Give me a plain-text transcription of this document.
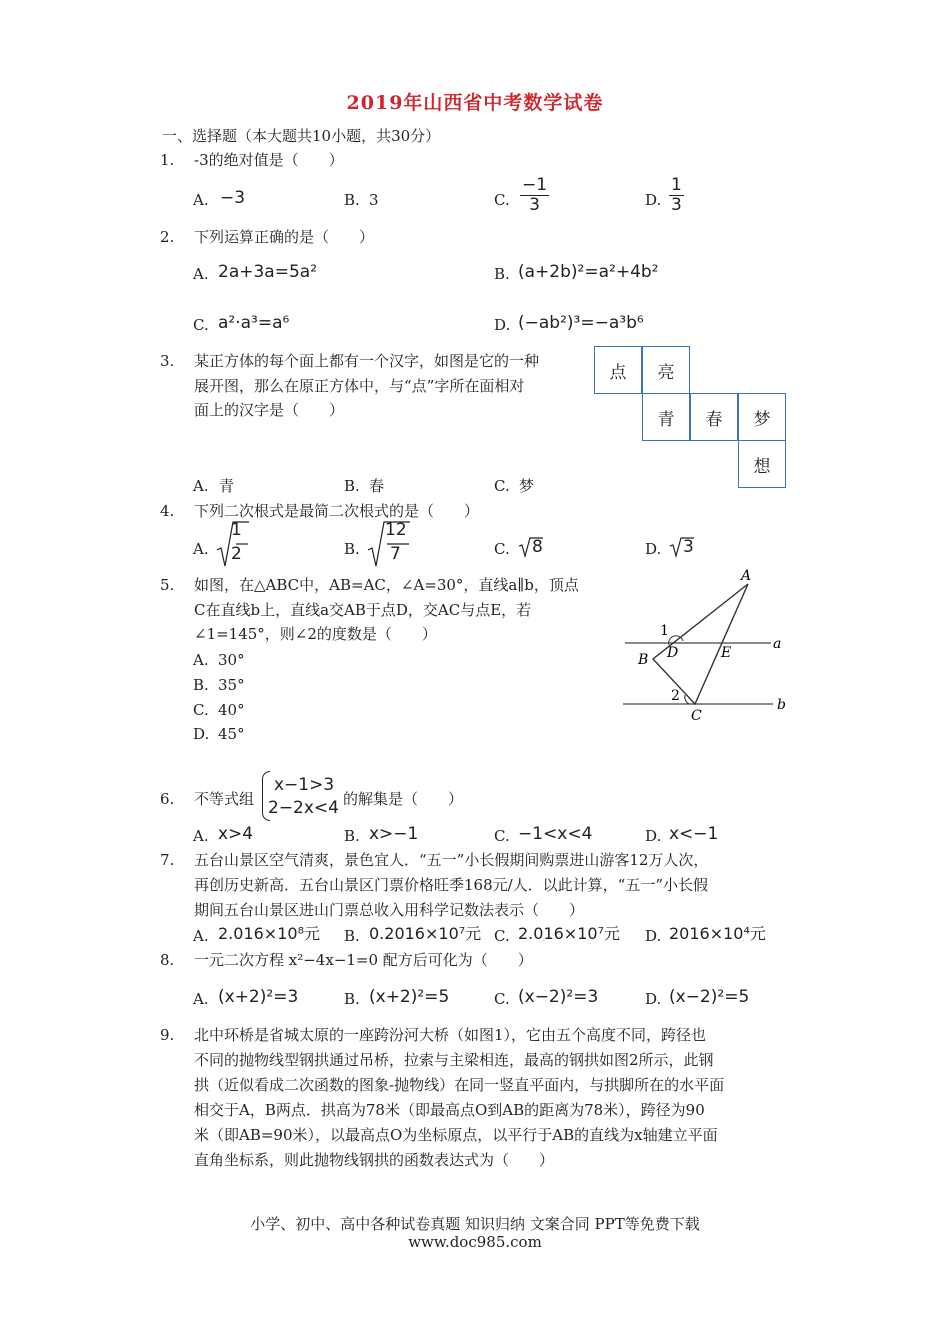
2019年山西省中考数学试卷
一、选择题（本大题共10小题，共30分）
1. -3的绝对值是（　　）
A. −3	B. 3	C. $\frac{-1}{3}$	D. $\frac{1}{3}$
2. 下列运算正确的是（　　）
A. 2a+3a=5a²	B. (a+2b)²=a²+4b²
C. a²·a³=a⁶	D. (−ab²)³=−a³b⁶
3. 某正方体的每个面上都有一个汉字，如图是它的一种
展开图，那么在原正方体中，与“点”字所在面相对
面上的汉字是（　　）
点	亮
青	春	梦
想
A. 青	B. 春	C. 梦
4. 下列二次根式是最简二次根式的是（　　）
A.
1
2	B.
12
7	C. 8	D. 3
5. 如图，在△ABC中，AB=AC，∠A=30°，直线a∥b，顶点
C在直线b上，直线a交AB于点D，交AC与点E，若
∠1=145°，则∠2的度数是（　　）
A. 30°
B. 35°
C. 40°
D. 45°
A
B
C
D	E
a
b
1
2
6. 不等式组
x−1>3
2−2x<4 的解集是（　　）
A. x>4	B. x>−1	C. −1<x<4	D. x<−1
7. 五台山景区空气清爽，景色宜人．“五一”小长假期间购票进山游客12万人次，
再创历史新高．五台山景区门票价格旺季168元/人．以此计算，“五一”小长假
期间五台山景区进山门票总收入用科学记数法表示（　　）
A. 2.016×10⁸元 B. 0.2016×10⁷元 C. 2.016×10⁷元 D. 2016×10⁴元
8. 一元二次方程 x²−4x−1=0 配方后可化为（　　）
A. (x+2)²=3	B. (x+2)²=5	C. (x−2)²=3	D. (x−2)²=5
9. 北中环桥是省城太原的一座跨汾河大桥（如图1），它由五个高度不同，跨径也
不同的抛物线型钢拱通过吊桥，拉索与主梁相连，最高的钢拱如图2所示，此钢
拱（近似看成二次函数的图象-抛物线）在同一竖直平面内，与拱脚所在的水平面
相交于A，B两点．拱高为78米（即最高点O到AB的距离为78米），跨径为90
米（即AB=90米），以最高点O为坐标原点，以平行于AB的直线为x轴建立平面
直角坐标系，则此抛物线钢拱的函数表达式为（　　）
小学、初中、高中各种试卷真题 知识归纳 文案合同 PPT等免费下载
www.doc985.com
